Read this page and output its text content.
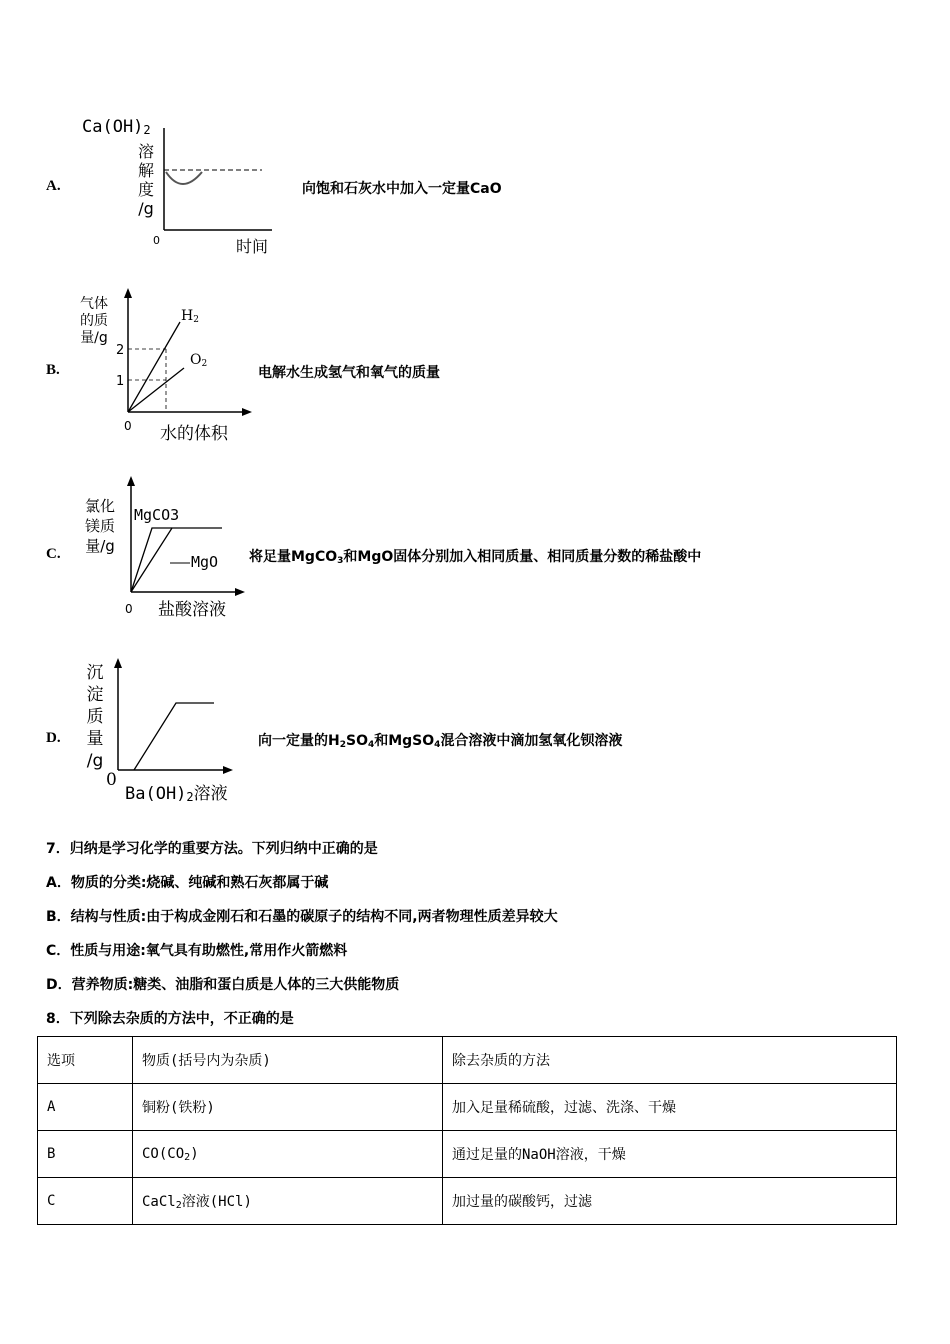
A.
Ca(OH)2
溶
解
度
/g
0	时间
向饱和石灰水中加入一定量CaO
B.
气体
的质
量/g
2
1
0
H2
O2
水的体积
电解水生成氢气和氧气的质量
C.
氯化
镁质
量/g
0
MgCO3
MgO
盐酸溶液
将足量MgCO3和MgO固体分别加入相同质量、相同质量分数的稀盐酸中
D.
沉
淀
质
量
/g
0
Ba(OH)2溶液
向一定量的H2SO4和MgSO4混合溶液中滴加氢氧化钡溶液
7．归纳是学习化学的重要方法。下列归纳中正确的是
A．物质的分类:烧碱、纯碱和熟石灰都属于碱
B．结构与性质:由于构成金刚石和石墨的碳原子的结构不同,两者物理性质差异较大
C．性质与用途:氧气具有助燃性,常用作火箭燃料
D．营养物质:糖类、油脂和蛋白质是人体的三大供能物质
8．下列除去杂质的方法中，不正确的是
选项	物质(括号内为杂质)	除去杂质的方法
A	铜粉(铁粉)	加入足量稀硫酸，过滤、洗涤、干燥
B	CO(CO2)	通过足量的NaOH溶液，干燥
C	CaCl2溶液(HCl)	加过量的碳酸钙，过滤
